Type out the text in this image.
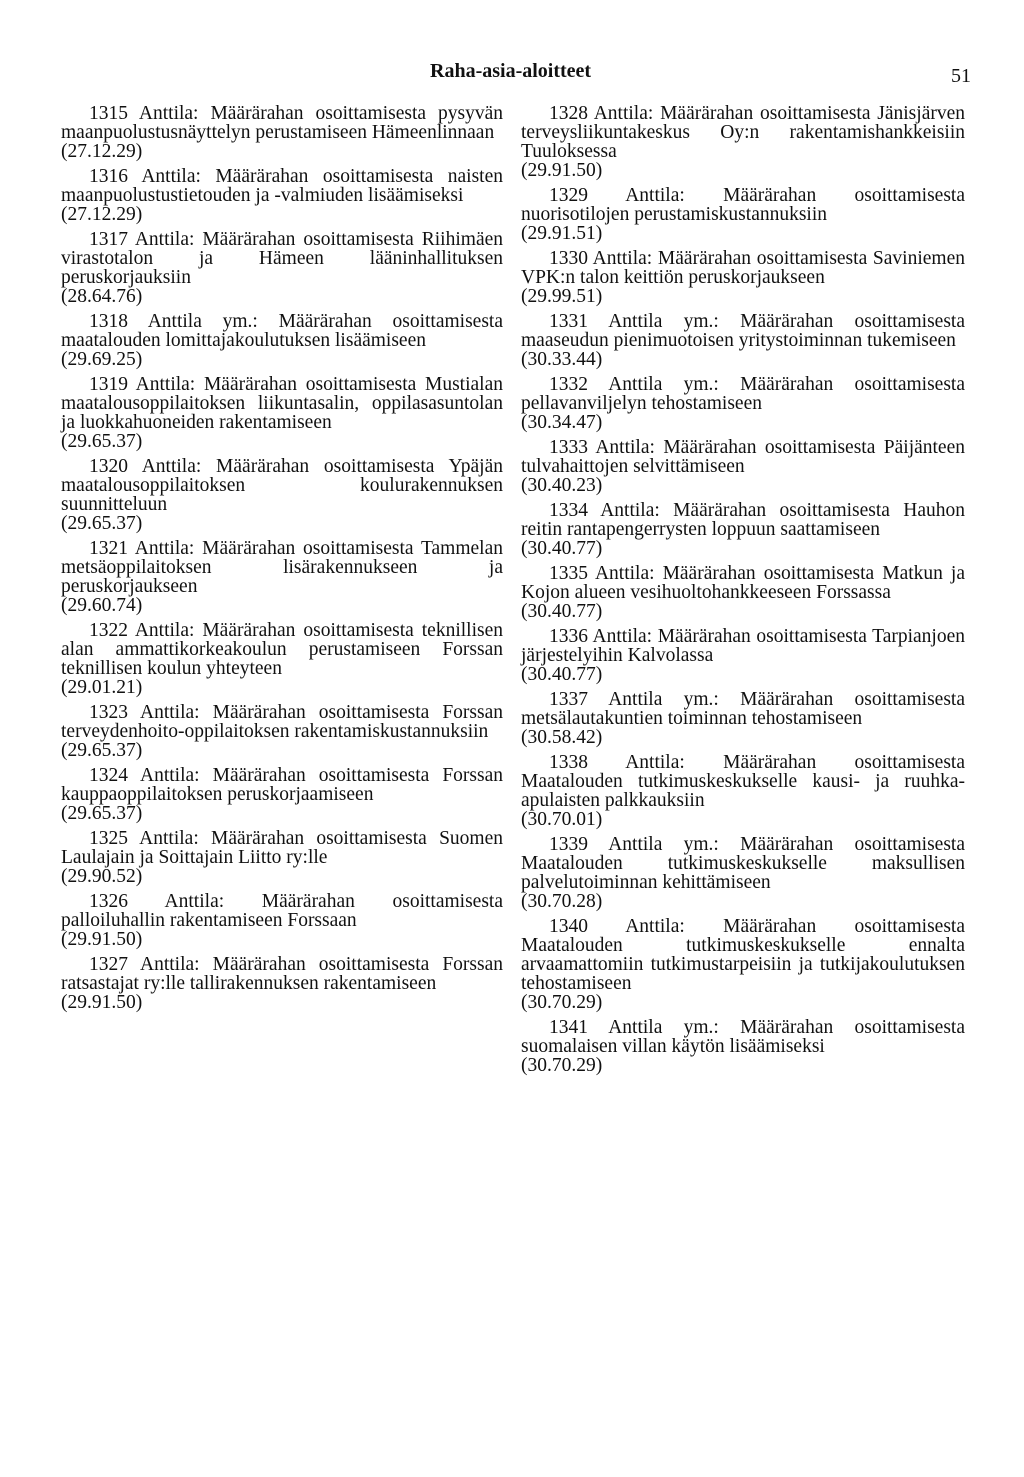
Raha-asia-aloitteet	51

1315 Anttila: Määrärahan osoittamisesta pysyvän maanpuolustusnäyttelyn perustamiseen Hämeenlinnaan

(27.12.29)

1316 Anttila: Määrärahan osoittamisesta naisten maanpuolustustietouden ja -valmiuden lisäämiseksi

(27.12.29)

1317 Anttila: Määrärahan osoittamisesta Riihimäen virastotalon ja Hämeen lääninhallituksen peruskorjauksiin

(28.64.76)

1318 Anttila ym.: Määrärahan osoittamisesta maatalouden lomittajakoulutuksen lisäämiseen

(29.69.25)

1319 Anttila: Määrärahan osoittamisesta Mustialan maatalousoppilaitoksen liikuntasalin, oppilasasuntolan ja luokkahuoneiden rakentamiseen

(29.65.37)

1320 Anttila: Määrärahan osoittamisesta Ypäjän maatalousoppilaitoksen koulurakennuksen suunnitteluun

(29.65.37)

1321 Anttila: Määrärahan osoittamisesta Tammelan metsäoppilaitoksen lisärakennukseen ja peruskorjaukseen

(29.60.74)

1322 Anttila: Määrärahan osoittamisesta teknillisen alan ammattikorkeakoulun perustamiseen Forssan teknillisen koulun yhteyteen

(29.01.21)

1323 Anttila: Määrärahan osoittamisesta Forssan terveydenhoito-oppilaitoksen rakentamiskustannuksiin

(29.65.37)

1324 Anttila: Määrärahan osoittamisesta Forssan kauppaoppilaitoksen peruskorjaamiseen

(29.65.37)

1325 Anttila: Määrärahan osoittamisesta Suomen Laulajain ja Soittajain Liitto ry:lle

(29.90.52)

1326 Anttila: Määrärahan osoittamisesta palloiluhallin rakentamiseen Forssaan

(29.91.50)

1327 Anttila: Määrärahan osoittamisesta Forssan ratsastajat ry:lle tallirakennuksen rakentamiseen

(29.91.50)

1328 Anttila: Määrärahan osoittamisesta Jänisjärven terveysliikuntakeskus Oy:n rakentamishankkeisiin Tuuloksessa

(29.91.50)

1329 Anttila: Määrärahan osoittamisesta nuorisotilojen perustamiskustannuksiin

(29.91.51)

1330 Anttila: Määrärahan osoittamisesta Saviniemen VPK:n talon keittiön peruskorjaukseen

(29.99.51)

1331 Anttila ym.: Määrärahan osoittamisesta maaseudun pienimuotoisen yritystoiminnan tukemiseen

(30.33.44)

1332 Anttila ym.: Määrärahan osoittamisesta pellavanviljelyn tehostamiseen

(30.34.47)

1333 Anttila: Määrärahan osoittamisesta Päijänteen tulvahaittojen selvittämiseen

(30.40.23)

1334 Anttila: Määrärahan osoittamisesta Hauhon reitin rantapengerrysten loppuun saattamiseen

(30.40.77)

1335 Anttila: Määrärahan osoittamisesta Matkun ja Kojon alueen vesihuoltohankkeeseen Forssassa

(30.40.77)

1336 Anttila: Määrärahan osoittamisesta Tarpianjoen järjestelyihin Kalvolassa

(30.40.77)

1337 Anttila ym.: Määrärahan osoittamisesta metsälautakuntien toiminnan tehostamiseen

(30.58.42)

1338 Anttila: Määrärahan osoittamisesta Maatalouden tutkimuskeskukselle kausi- ja ruuhka-apulaisten palkkauksiin

(30.70.01)

1339 Anttila ym.: Määrärahan osoittamisesta Maatalouden tutkimuskeskukselle maksullisen palvelutoiminnan kehittämiseen

(30.70.28)

1340 Anttila: Määrärahan osoittamisesta Maatalouden tutkimuskeskukselle ennalta arvaamattomiin tutkimustarpeisiin ja tutkijakoulutuksen tehostamiseen

(30.70.29)

1341 Anttila ym.: Määrärahan osoittamisesta suomalaisen villan käytön lisäämiseksi

(30.70.29)
